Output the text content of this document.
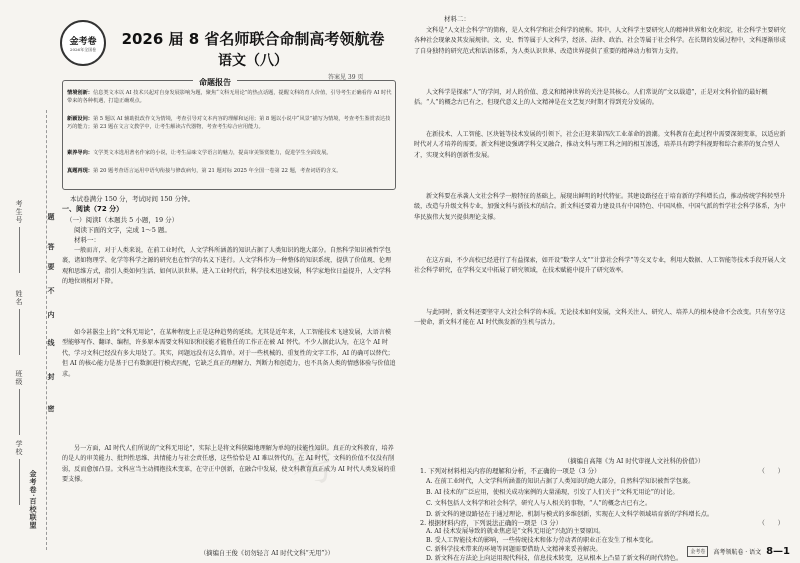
考生号
姓名
班级
学校
金考卷·百校联盟
题
答
要
不
内
线
封
密
金考卷
2026年全国卷
2026 届 8 省名师联合命制高考领航卷
语文（八）
答案见 39 页
命题报告
情境创新：信息类文本以 AI 技术兴起对自身发展影响为题，聚焦“文科无用论”的热点话题，提醒文科的育人价值，引导考生正确看待 AI 时代带来的各种机遇，打造正确观点。
新颖设问：第 5 题以 AI 辅助批改作文为情境，考查引导对文本内容的理解和运用；第 8 题以小说中“风景”描写为情境，考查考生鉴赏表达技巧的能力；第 23 题在文言文教学中，让考生解读古代器物，考查考生综合应用能力。
素养导向：文学类文本选用著名作家的小说，让考生品味文学语言的魅力，提高审美鉴赏能力，促进学生全面发展。
真题再现：第 20 题考查语言运用中语句衔接与修改病句，第 21 题对标 2025 年全国一卷第 22 题，考查词语的含义。
本试卷满分 150 分，考试时间 150 分钟。
一、阅读（72 分）
（一）阅读Ⅰ（本题共 5 小题，19 分）
阅读下面的文字，完成 1～5 题。
材料一：

一般而言，对于人类来说，在前工业时代，人文学科所涵盖的知识占据了人类知识的绝大部分。自然科学知识被哲学包裹，诸如物理学、化学等科学之源的研究也在哲学的名义下进行。人文学科作为一种整体的知识系统，提供了价值观、伦理观和思维方式，指引人类如何生活、如何认识世界。进入工业时代后，科学技术迅速发展，科学家地位日益提升，人文学科的地位则相对下降。

如今甚嚣尘上的“文科无用论”，在某种程度上正是这种趋势的延续。尤其是近年来，人工智能技术飞速发展，大语言模型能够写作、翻译、编程，许多原本需要文科知识和技能才能胜任的工作正在被 AI 替代。不少人据此认为，在这个 AI 时代，学习文科已经没有多大用处了。其实，问题远没有这么简单。对于一些机械的、重复性的文字工作，AI 的确可以替代；但 AI 的核心能力是基于已有数据进行模式匹配，它缺乏真正的理解力、判断力和创造力，也不具备人类的情感体验与价值追求。

另一方面，AI 时代人们所说的“文科无用论”，实际上是将文科狭隘地理解为单纯的技能性知识。真正的文科教育，培养的是人的审美能力、批判性思维、共情能力与社会责任感，这些恰恰是 AI 难以替代的。在 AI 时代，文科的价值不仅没有削弱，反而愈加凸显。文科应当主动拥抱技术变革，在守正中创新，在融合中发展，使文科教育真正成为 AI 时代人类发展的重要支撑。

（摘编自王俊《切勿轻言 AI 时代文科“无用”》）
材料二：

文科是“人文社会科学”的简称，是人文科学和社会科学的统称。其中，人文科学主要研究人的精神世界和文化积淀，社会科学主要研究各种社会现象及其发展规律。文、史、哲等属于人文科学，经济、法律、政治、社会等属于社会科学。在长期的发展过程中，文科逐渐形成了自身独特的研究范式和话语体系，为人类认识世界、改造世界提供了重要的精神动力和智力支持。

人文科学是探索“人”的学问，对人的价值、意义和精神世界的关注是其核心。人们常说的“文以载道”，正是对文科价值的最好概括。“人”的概念古已有之，但现代意义上的人文精神是在文艺复兴时期才得到充分发展的。

在新技术、人工智能、区块链等技术发展的引领下，社会正迎来第四次工业革命的浪潮。文科教育在此过程中需要深刻变革，以适应新时代对人才培养的需要。新文科建设强调学科交叉融合，推动文科与理工科之间的相互渗透，培养具有跨学科视野和综合素养的复合型人才，实现文科的创新性发展。

新文科要在承袭人文社会科学一般特征的基础上，展现出鲜明的时代特征。其建设路径在于培育新的学科增长点，推动传统学科转型升级，改造与升级文科专业，加强文科与新技术的结合。新文科还要着力建设具有中国特色、中国风格、中国气派的哲学社会科学体系，为中华民族伟大复兴提供理论支撑。

在这方面，不少高校已经进行了有益探索，如开设“数字人文”“计算社会科学”等交叉专业，利用大数据、人工智能等技术手段开展人文社会科学研究，在学科交叉中拓展了研究领域，在技术赋能中提升了研究效率。

与此同时，新文科还要坚守人文社会科学的本质。无论技术如何发展，文科关注人、研究人、培养人的根本使命不会改变。只有坚守这一使命，新文科才能在 AI 时代焕发新的生机与活力。

（摘编自高翔《为 AI 时代审视人文社科的价值》）
1. 下列对材料相关内容的理解和分析，不正确的一项是（3 分）	（　　）
A. 在前工业时代，人文学科所涵盖的知识占据了人类知识的绝大部分，自然科学知识被哲学包裹。
B. AI 技术的广泛应用，使相关成功案例的大量涌现，引发了人们关于“文科无用论”的讨论。
C. 文科包括人文科学和社会科学，研究人与人相关的事物，“人”的概念古已有之。
D. 新文科的建设路径在于通过理论、机制与模式的多维创新，实现在人文科学领域培育新的学科增长点。
2. 根据材料内容，下列说法正确的一项是（3 分）	（　　）
A. AI 技术发展导致的就业焦虑是“文科无用论”兴起的主要原因。
B. 受人工智能技术的影响，一些传统技术和体力劳动者的职业正在发生了根本变化。
C. 新科学技术带来的环境等问题需要借助人文精神来妥善解决。
D. 新文科在方法论上向运用现代科技，信息技术转变，这从根本上凸显了新文科的时代特色。
考
金考卷	高考领航卷 · 语文 8—1
